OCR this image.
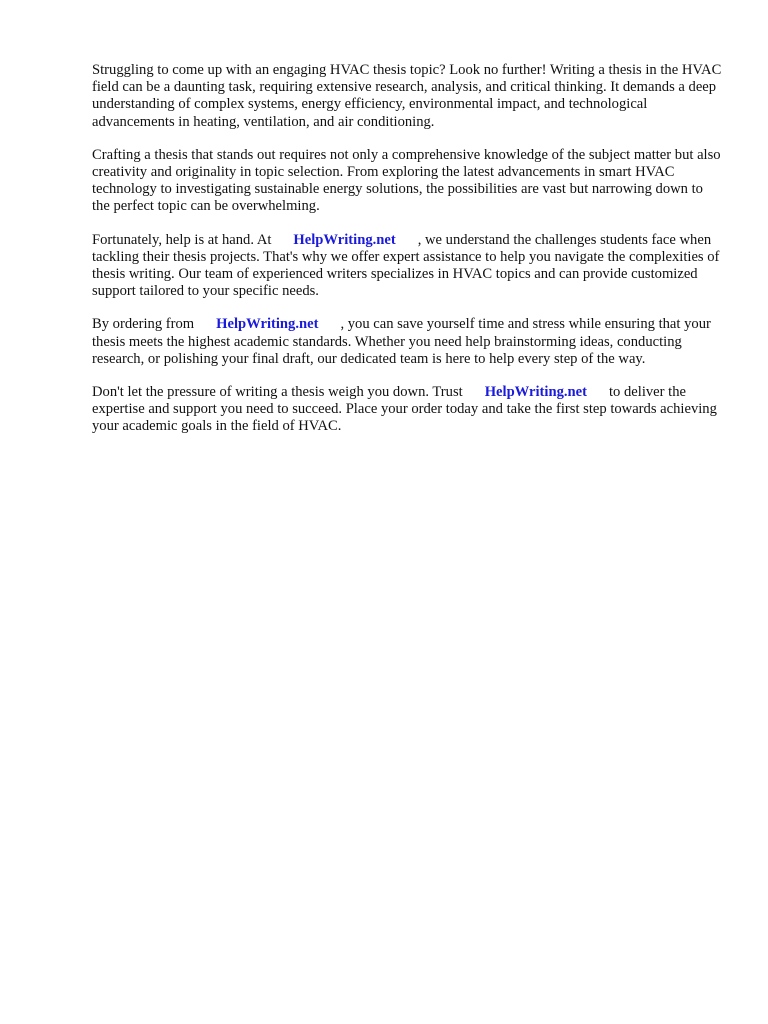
Struggling to come up with an engaging HVAC thesis topic? Look no further! Writing a thesis in the HVAC field can be a daunting task, requiring extensive research, analysis, and critical thinking. It demands a deep understanding of complex systems, energy efficiency, environmental impact, and technological advancements in heating, ventilation, and air conditioning.

Crafting a thesis that stands out requires not only a comprehensive knowledge of the subject matter but also creativity and originality in topic selection. From exploring the latest advancements in smart HVAC technology to investigating sustainable energy solutions, the possibilities are vast but narrowing down to the perfect topic can be overwhelming.

Fortunately, help is at hand. At HelpWriting.net , we understand the challenges students face when tackling their thesis projects. That's why we offer expert assistance to help you navigate the complexities of thesis writing. Our team of experienced writers specializes in HVAC topics and can provide customized support tailored to your specific needs.

By ordering from HelpWriting.net , you can save yourself time and stress while ensuring that your thesis meets the highest academic standards. Whether you need help brainstorming ideas, conducting research, or polishing your final draft, our dedicated team is here to help every step of the way.

Don't let the pressure of writing a thesis weigh you down. Trust HelpWriting.net to deliver the expertise and support you need to succeed. Place your order today and take the first step towards achieving your academic goals in the field of HVAC.
